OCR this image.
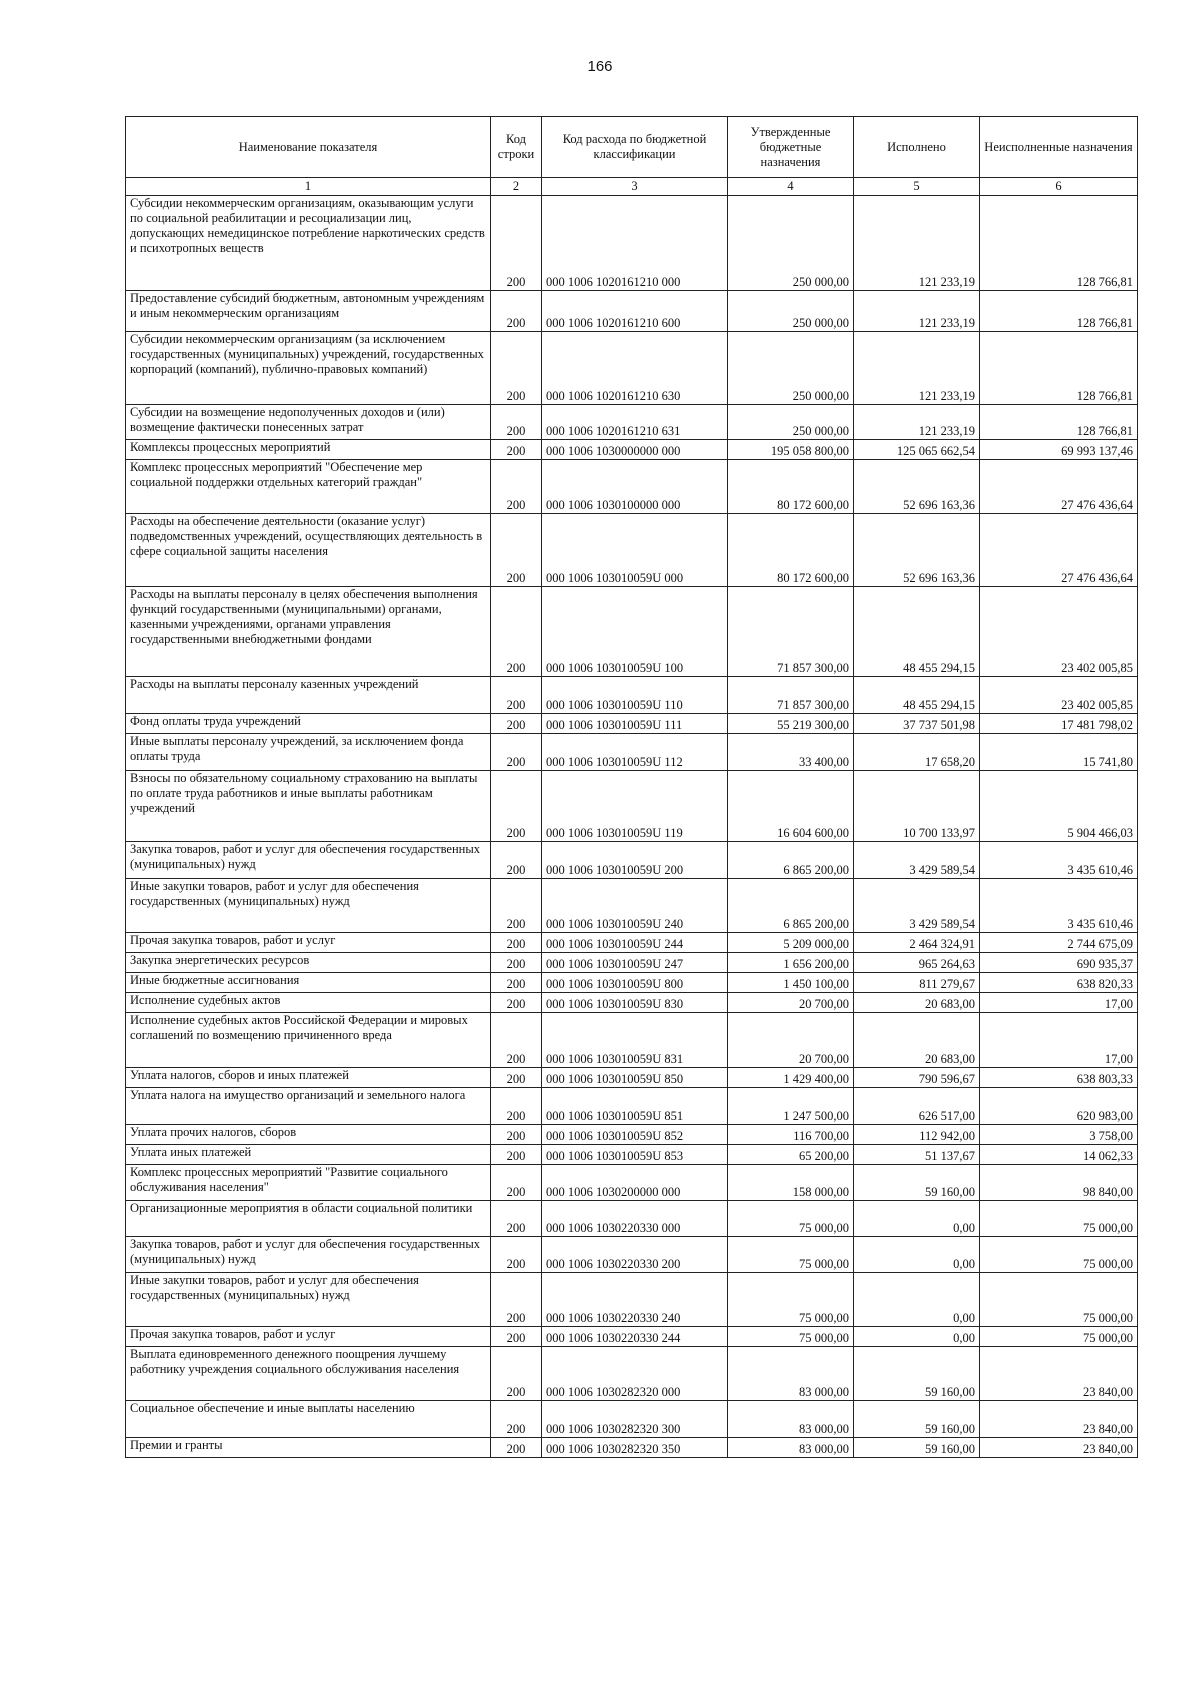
166
Наименование показателя	Код строки	Код расхода по бюджетной классификации	Утвержденные бюджетные назначения	Исполнено	Неисполненные назначения
1	2	3	4	5	6
Субсидии некоммерческим организациям, оказывающим услуги по социальной реабилитации и ресоциализации лиц, допускающих немедицинское потребление наркотических средств и психотропных веществ	200	000 1006 1020161210 000	250 000,00	121 233,19	128 766,81
Предоставление субсидий бюджетным, автономным учреждениям и иным некоммерческим организациям	200	000 1006 1020161210 600	250 000,00	121 233,19	128 766,81
Субсидии некоммерческим организациям (за исключением государственных (муниципальных) учреждений, государственных корпораций (компаний), публично-правовых компаний)	200	000 1006 1020161210 630	250 000,00	121 233,19	128 766,81
Субсидии на возмещение недополученных доходов и (или) возмещение фактически понесенных затрат	200	000 1006 1020161210 631	250 000,00	121 233,19	128 766,81
Комплексы процессных мероприятий	200	000 1006 1030000000 000	195 058 800,00	125 065 662,54	69 993 137,46
Комплекс процессных мероприятий "Обеспечение мер социальной поддержки отдельных категорий граждан"	200	000 1006 1030100000 000	80 172 600,00	52 696 163,36	27 476 436,64
Расходы на обеспечение деятельности (оказание услуг) подведомственных учреждений, осуществляющих деятельность в сфере социальной защиты населения	200	000 1006 103010059U 000	80 172 600,00	52 696 163,36	27 476 436,64
Расходы на выплаты персоналу в целях обеспечения выполнения функций государственными (муниципальными) органами, казенными учреждениями, органами управления государственными внебюджетными фондами	200	000 1006 103010059U 100	71 857 300,00	48 455 294,15	23 402 005,85
Расходы на выплаты персоналу казенных учреждений	200	000 1006 103010059U 110	71 857 300,00	48 455 294,15	23 402 005,85
Фонд оплаты труда учреждений	200	000 1006 103010059U 111	55 219 300,00	37 737 501,98	17 481 798,02
Иные выплаты персоналу учреждений, за исключением фонда оплаты труда	200	000 1006 103010059U 112	33 400,00	17 658,20	15 741,80
Взносы по обязательному социальному страхованию на выплаты по оплате труда работников и иные выплаты работникам учреждений	200	000 1006 103010059U 119	16 604 600,00	10 700 133,97	5 904 466,03
Закупка товаров, работ и услуг для обеспечения государственных (муниципальных) нужд	200	000 1006 103010059U 200	6 865 200,00	3 429 589,54	3 435 610,46
Иные закупки товаров, работ и услуг для обеспечения государственных (муниципальных) нужд	200	000 1006 103010059U 240	6 865 200,00	3 429 589,54	3 435 610,46
Прочая закупка товаров, работ и услуг	200	000 1006 103010059U 244	5 209 000,00	2 464 324,91	2 744 675,09
Закупка энергетических ресурсов	200	000 1006 103010059U 247	1 656 200,00	965 264,63	690 935,37
Иные бюджетные ассигнования	200	000 1006 103010059U 800	1 450 100,00	811 279,67	638 820,33
Исполнение судебных актов	200	000 1006 103010059U 830	20 700,00	20 683,00	17,00
Исполнение судебных актов Российской Федерации и мировых соглашений по возмещению причиненного вреда	200	000 1006 103010059U 831	20 700,00	20 683,00	17,00
Уплата налогов, сборов и иных платежей	200	000 1006 103010059U 850	1 429 400,00	790 596,67	638 803,33
Уплата налога на имущество организаций и земельного налога	200	000 1006 103010059U 851	1 247 500,00	626 517,00	620 983,00
Уплата прочих налогов, сборов	200	000 1006 103010059U 852	116 700,00	112 942,00	3 758,00
Уплата иных платежей	200	000 1006 103010059U 853	65 200,00	51 137,67	14 062,33
Комплекс процессных мероприятий "Развитие социального обслуживания населения"	200	000 1006 1030200000 000	158 000,00	59 160,00	98 840,00
Организационные мероприятия в области социальной политики	200	000 1006 1030220330 000	75 000,00	0,00	75 000,00
Закупка товаров, работ и услуг для обеспечения государственных (муниципальных) нужд	200	000 1006 1030220330 200	75 000,00	0,00	75 000,00
Иные закупки товаров, работ и услуг для обеспечения государственных (муниципальных) нужд	200	000 1006 1030220330 240	75 000,00	0,00	75 000,00
Прочая закупка товаров, работ и услуг	200	000 1006 1030220330 244	75 000,00	0,00	75 000,00
Выплата единовременного денежного поощрения лучшему работнику учреждения социального обслуживания населения	200	000 1006 1030282320 000	83 000,00	59 160,00	23 840,00
Социальное обеспечение и иные выплаты населению	200	000 1006 1030282320 300	83 000,00	59 160,00	23 840,00
Премии и гранты	200	000 1006 1030282320 350	83 000,00	59 160,00	23 840,00
